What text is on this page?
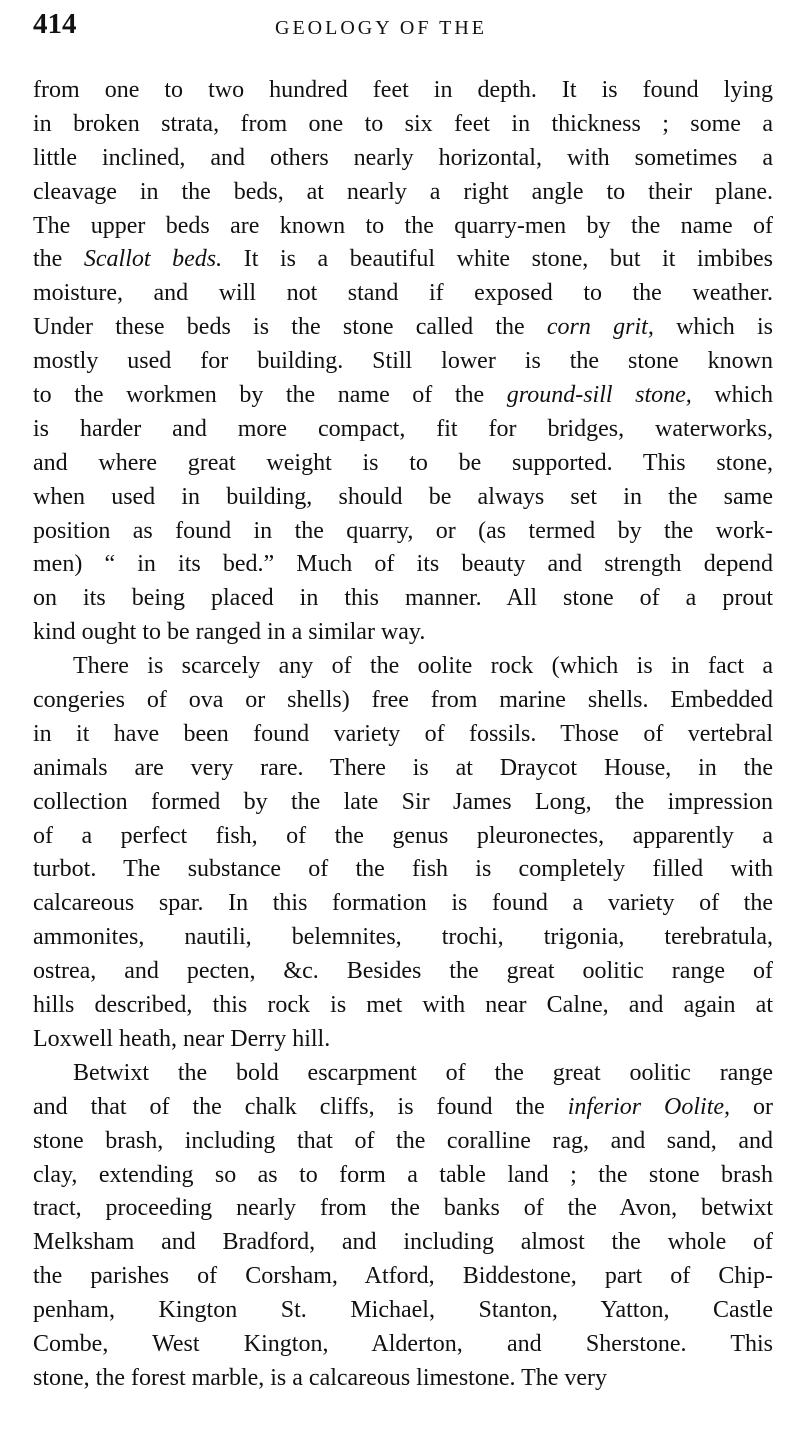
414	GEOLOGY OF THE
from one to two hundred feet in depth. It is found lying
in broken strata, from one to six feet in thickness ; some a
little inclined, and others nearly horizontal, with sometimes a
cleavage in the beds, at nearly a right angle to their plane.
The upper beds are known to the quarry-men by the name of
the Scallot beds. It is a beautiful white stone, but it imbibes
moisture, and will not stand if exposed to the weather.
Under these beds is the stone called the corn grit, which is
mostly used for building. Still lower is the stone known
to the workmen by the name of the ground-sill stone, which
is harder and more compact, fit for bridges, waterworks,
and where great weight is to be supported. This stone,
when used in building, should be always set in the same
position as found in the quarry, or (as termed by the work-
men) “ in its bed.” Much of its beauty and strength depend
on its being placed in this manner. All stone of a prout
kind ought to be ranged in a similar way.
There is scarcely any of the oolite rock (which is in fact a
congeries of ova or shells) free from marine shells. Embedded
in it have been found variety of fossils. Those of vertebral
animals are very rare. There is at Draycot House, in the
collection formed by the late Sir James Long, the impression
of a perfect fish, of the genus pleuronectes, apparently a
turbot. The substance of the fish is completely filled with
calcareous spar. In this formation is found a variety of the
ammonites, nautili, belemnites, trochi, trigonia, terebratula,
ostrea, and pecten, &c. Besides the great oolitic range of
hills described, this rock is met with near Calne, and again at
Loxwell heath, near Derry hill.
Betwixt the bold escarpment of the great oolitic range
and that of the chalk cliffs, is found the inferior Oolite, or
stone brash, including that of the coralline rag, and sand, and
clay, extending so as to form a table land ; the stone brash
tract, proceeding nearly from the banks of the Avon, betwixt
Melksham and Bradford, and including almost the whole of
the parishes of Corsham, Atford, Biddestone, part of Chip-
penham, Kington St. Michael, Stanton, Yatton, Castle
Combe, West Kington, Alderton, and Sherstone. This
stone, the forest marble, is a calcareous limestone. The very
